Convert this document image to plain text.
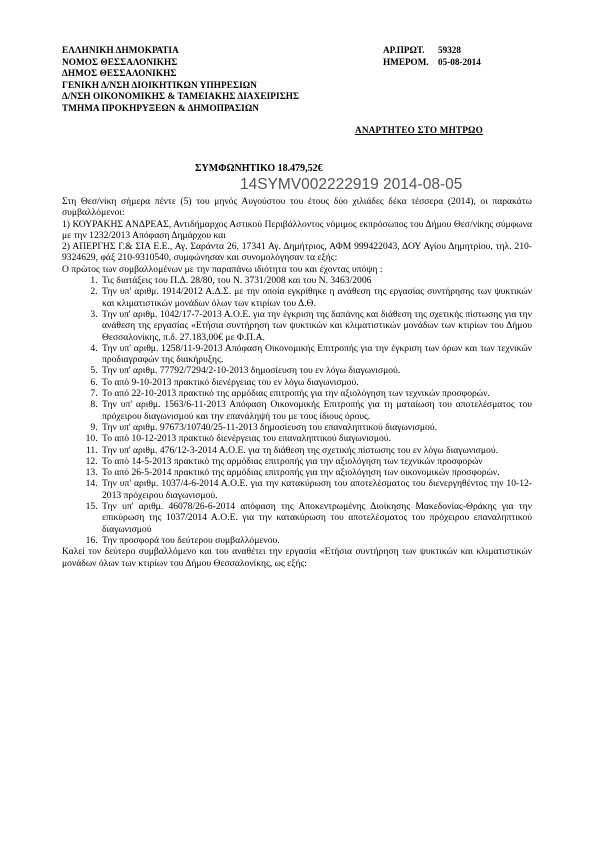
ΕΛΛΗΝΙΚΗ ΔΗΜΟΚΡΑΤΙΑ
ΝΟΜΟΣ ΘΕΣΣΑΛΟΝΙΚΗΣ
ΔΗΜΟΣ ΘΕΣΣΑΛΟΝΙΚΗΣ
ΓΕΝΙΚΗ Δ/ΝΣΗ ΔΙΟΙΚΗΤΙΚΩΝ ΥΠΗΡΕΣΙΩΝ
Δ/ΝΣΗ ΟΙΚΟΝΟΜΙΚΗΣ & ΤΑΜΕΙΑΚΗΣ ΔΙΑΧΕΙΡΙΣΗΣ
ΤΜΗΜΑ ΠΡΟΚΗΡΥΞΕΩΝ & ΔΗΜΟΠΡΑΣΙΩΝ
ΑΡ.ΠΡΩΤ. 59328
ΗΜΕΡΟΜ. 05-08-2014
ΑΝΑΡΤΗΤΕΟ ΣΤΟ ΜΗΤΡΩΟ
ΣΥΜΦΩΝΗΤΙΚΟ 18.479,52€
14SYMV002222919 2014-08-05

Στη Θεσ/νίκη σήμερα πέντε (5) του μηνός Αυγούστου του έτους δύο χιλιάδες δέκα τέσσερα (2014), οι παρακάτω συμβαλλόμενοι:

1) ΚΟΥΡΑΚΗΣ ΑΝΔΡΕΑΣ, Αντιδήμαρχος Αστικού Περιβάλλοντος νόμιμος εκπρόσωπος του Δήμου Θεσ/νίκης σύμφωνα με την 1232/2013 Απόφαση Δημάρχου και

2) ΑΠΕΡΓΗΣ Γ.& ΣΙΑ Ε.Ε., Αγ. Σαράντα 26, 17341 Αγ. Δημήτριος, ΑΦΜ 999422043, ΔΟΥ Αγίου Δημητρίου, τηλ. 210-9324629, φάξ 210-9310540, συμφώνησαν και συνομολόγησαν τα εξής:

Ο πρώτος των συμβαλλομένων με την παραπάνω ιδιότητα του και έχοντας υπόψη :

1. Τις διατάξεις του Π.Δ. 28/80, του Ν. 3731/2008 και του Ν. 3463/2006
2. Την υπ' αριθμ. 1914/2012 Α.Δ.Σ. με την οποία εγκρίθηκε η ανάθεση της εργασίας συντήρησης των ψυκτικών και κλιματιστικών μονάδων όλων των κτιρίων του Δ.Θ.
3. Την υπ' αριθμ. 1042/17-7-2013 Α.Ο.Ε. για την έγκριση της δαπάνης και διάθεση της σχετικής πίστωσης για την ανάθεση της εργασίας «Ετήσια συντήρηση των ψυκτικών και κλιματιστικών μονάδων των κτιρίων του Δήμου Θεσσαλονίκης, π.δ. 27.183,00€ με Φ.Π.Α.
4. Την υπ' αριθμ. 1258/11-9-2013 Απόφαση Οικονομικής Επιτροπής για την έγκριση των όρων και των τεχνικών προδιαγραφών της διακήρυξης.
5. Την υπ' αριθμ. 77792/7294/2-10-2013 δημοσίευση του εν λόγω διαγωνισμού.
6. Το από 9-10-2013 πρακτικό διενέργειας του εν λόγω διαγωνισμού.
7. Το από 22-10-2013 πρακτικό της αρμόδιας επιτροπής για την αξιολόγηση των τεχνικών προσφορών.
8. Την υπ' αριθμ. 1563/6-11-2013 Απόφαση Οικονομικής Επιτροπής για τη ματαίωση του αποτελέσματος του πρόχειρου διαγωνισμού και την επανάληψή του με τους ίδιους όρους.
9. Την υπ' αριθμ. 97673/10740/25-11-2013 δημοσίευση του επαναληπτικού διαγωνισμού.
10. Το από 10-12-2013 πρακτικό διενέργειας του επαναληπτικού διαγωνισμού.
11. Την υπ' αριθμ. 476/12-3-2014 Α.Ο.Ε. για τη διάθεση της σχετικής πίστωσης του εν λόγω διαγωνισμού.
12. Το από 14-5-2013 πρακτικό της αρμόδιας επιτροπής για την αξιολόγηση των τεχνικών προσφορών
13. Το από 26-5-2014 πρακτικό της αρμόδιας επιτροπής για την αξιολόγηση των οικονομικών προσφορών.
14. Την υπ' αριθμ. 1037/4-6-2014 Α.Ο.Ε. για την κατακύρωση του αποτελέσματος του διενεργηθέντος την 10-12-2013 πρόχειρου διαγωνισμού.
15. Την υπ' αριθμ. 46078/26-6-2014 απόφαση της Αποκεντρωμένης Διοίκησης Μακεδονίας-Θράκης για την επικύρωση της 1037/2014 Α.Ο.Ε. για την κατακύρωση του αποτελέσματος του πρόχειρου επαναληπτικού διαγωνισμού
16. Την προσφορά του δεύτερου συμβαλλόμενου.

Καλεί τον δεύτερο συμβαλλόμενο και του αναθέτει την εργασία «Ετήσια συντήρηση των ψυκτικών και κλιματιστικών μονάδων όλων των κτιρίων του Δήμου Θεσσαλονίκης, ως εξής:
